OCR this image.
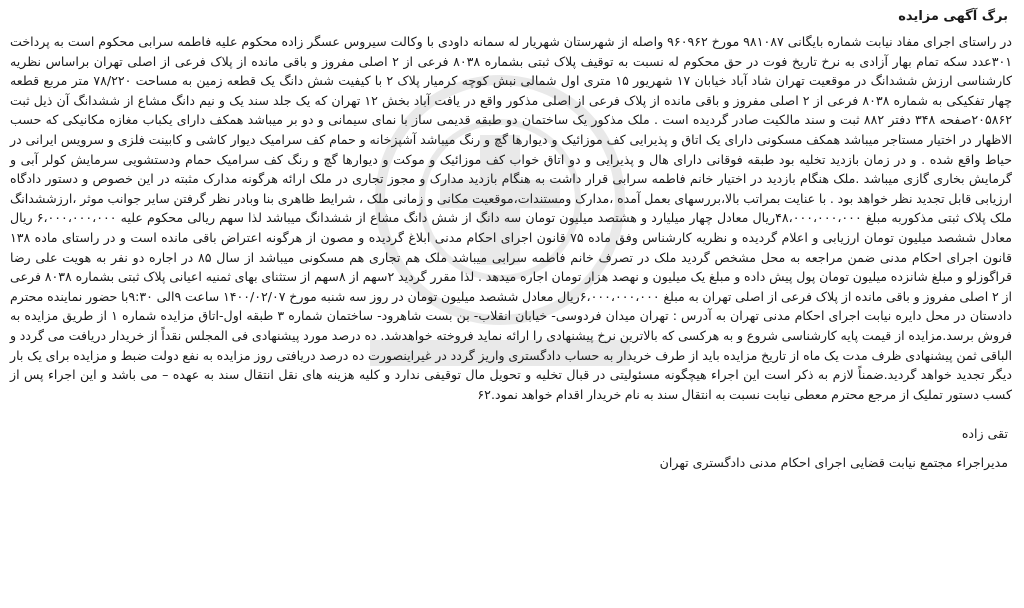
برگ آگهی مزایده

در راستای اجرای مفاد نیابت شماره بایگانی ۹۸۱۰۸۷ مورخ ۹۶۰۹۶۲ واصله از شهرستان شهریار له سمانه داودی با وکالت سیروس عسگر زاده محکوم علیه فاطمه سرابی محکوم است به پرداخت ۳۰۱عدد سکه تمام بهار آزادی به نرخ تاریخ فوت در حق محکوم له نسبت به توقیف پلاک ثبتی بشماره ۸۰۳۸ فرعی از ۲ اصلی مفروز و باقی مانده از پلاک فرعی از اصلی تهران براساس نظریه کارشناسی ارزش ششدانگ در موقعیت تهران شاد آباد خیابان ۱۷ شهریور ۱۵ متری اول شمالی نبش کوچه کرمیار پلاک ۲ با کیفیت شش دانگ یک قطعه زمین به مساحت ۷۸/۲۲۰ متر مربع قطعه چهار تفکیکی به شماره ۸۰۳۸ فرعی از ۲ اصلی مفروز و باقی مانده از پلاک فرعی از اصلی مذکور واقع در یافت آباد بخش ۱۲ تهران که یک جلد سند یک و نیم دانگ مشاع از ششدانگ آن ذیل ثبت ۲۰۵۸۶۲صفحه ۳۴۸ دفتر ۸۸۲ ثبت و سند مالکیت صادر گردیده است . ملک مذکور یک ساختمان دو طبقه قدیمی ساز با نمای سیمانی و دو بر میباشد همکف دارای یکباب مغازه مکانیکی که حسب الاظهار در اختیار مستاجر میباشد همکف مسکونی دارای یک اتاق و پذیرایی کف موزائیک و دیوارها گچ و رنگ میباشد آشپزخانه و حمام کف سرامیک دیوار کاشی و کابینت فلزی و سرویس ایرانی در حیاط واقع شده . و در زمان بازدید تخلیه بود طبقه فوقانی دارای هال و پذیرایی و دو اتاق خواب کف موزائیک و موکت و دیوارها گچ و رنگ کف سرامیک حمام ودستشویی سرمایش کولر آبی و گرمایش بخاری گازی میباشد .ملک هنگام بازدید در اختیار خانم فاطمه سرابی قرار داشت به هنگام بازدید مدارک و مجوز تجاری در ملک ارائه هرگونه مدارک مثبته در این خصوص و دستور دادگاه ارزیابی قابل تجدید نظر خواهد بود . با عنایت بمراتب بالا،بررسهای بعمل آمده ،مدارک ومستندات،موقعیت مکانی و زمانی ملک ، شرایط ظاهری بنا وبادر نظر گرفتن سایر جوانب موثر ،ارزششدانگ ملک پلاک ثبتی مذکوربه مبلغ ۴۸،۰۰۰،۰۰۰،۰۰۰ریال معادل چهار میلیارد و هشتصد میلیون تومان سه دانگ از شش دانگ مشاع از ششدانگ میباشد لذا سهم ریالی محکوم علیه ۶،۰۰۰،۰۰۰،۰۰۰ ریال معادل ششصد میلیون تومان ارزیابی و اعلام گردیده و نظریه کارشناس وفق ماده ۷۵ قانون اجرای احکام مدنی ابلاغ گردیده و مصون از هرگونه اعتراض باقی مانده است و در راستای ماده ۱۳۸ قانون اجرای احکام مدنی ضمن مراجعه به محل مشخص گردید ملک در تصرف خانم فاطمه سرابی میباشد ملک هم تجاری هم مسکونی میباشد از سال ۸۵ در اجاره دو نفر به هویت علی رضا قراگوزلو و مبلغ شانزده میلیون تومان پول پیش داده و مبلغ یک میلیون و نهصد هزار تومان اجاره میدهد . لذا مقرر گردید ۲سهم از ۸سهم از ستثنای بهای ثمنیه اعیانی پلاک ثبتی بشماره ۸۰۳۸ فرعی از ۲ اصلی مفروز و باقی مانده از پلاک فرعی از اصلی تهران به مبلغ ۶،۰۰۰،۰۰۰،۰۰۰ریال معادل ششصد میلیون تومان در روز سه شنبه مورخ ۱۴۰۰/۰۲/۰۷ ساعت ۹الی ۹:۳۰با حضور نماینده محترم دادستان در محل دایره نیابت اجرای احکام مدنی تهران به آدرس : تهران میدان فردوسی- خیابان انقلاب- بن بست شاهرود- ساختمان شماره ۳ طبقه اول-اتاق مزایده شماره ۱ از طریق مزایده به فروش برسد.مزایده از قیمت پایه کارشناسی شروع و به هرکسی که بالاترین نرخ پیشنهادی را ارائه نماید فروخته خواهدشد. ده درصد مورد پیشنهادی فی المجلس نقداً از خریدار دریافت می گردد و الباقی ثمن پیشنهادی ظرف مدت یک ماه از تاریخ مزایده باید از طرف خریدار به حساب دادگستری واریز گردد در غیراینصورت ده درصد دریافتی روز مزایده به نفع دولت ضبط و مزایده برای یک بار دیگر تجدید خواهد گردید.ضمناً لازم به ذکر است این اجراء هیچگونه مسئولیتی در قبال تخلیه و تحویل مال توقیفی ندارد و کلیه هزینه های نقل انتقال سند به عهده – می باشد و این اجراء پس از کسب دستور تملیک از مرجع محترم معطی نیابت نسبت به انتقال سند به نام خریدار اقدام خواهد نمود.۶۲

تقی زاده
مدیراجراء مجتمع نیابت قضایی اجرای احکام مدنی دادگستری تهران
